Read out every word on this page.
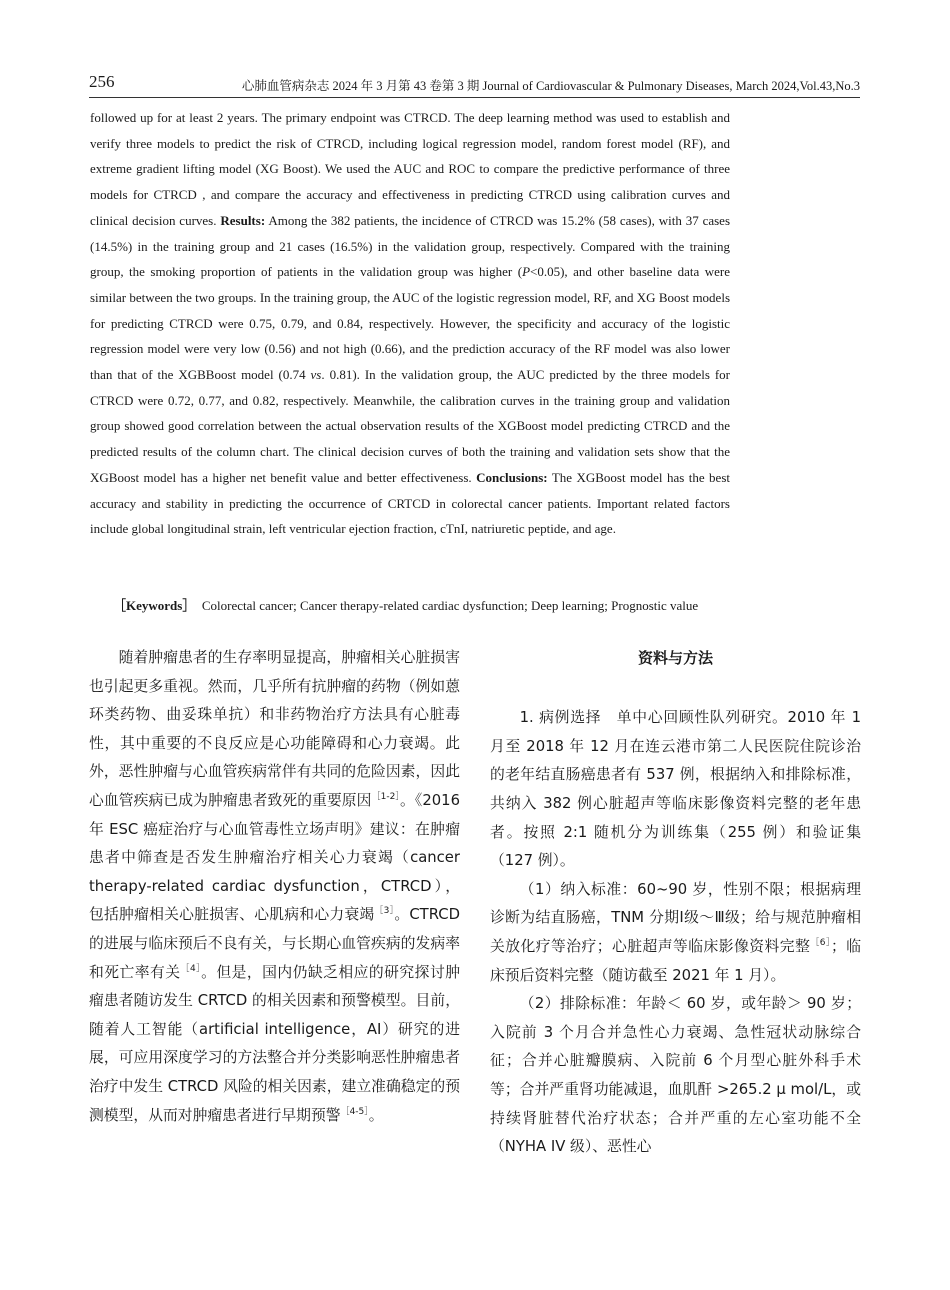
256	心肺血管病杂志 2024 年 3 月第 43 卷第 3 期 Journal of Cardiovascular & Pulmonary Diseases, March 2024,Vol.43,No.3

followed up for at least 2 years. The primary endpoint was CTRCD. The deep learning method was used to establish and verify three models to predict the risk of CTRCD, including logical regression model, random forest model (RF), and extreme gradient lifting model (XG Boost). We used the AUC and ROC to compare the predictive performance of three models for CTRCD , and compare the accuracy and effectiveness in predicting CTRCD using calibration curves and clinical decision curves. Results: Among the 382 patients, the incidence of CTRCD was 15.2% (58 cases), with 37 cases (14.5%) in the training group and 21 cases (16.5%) in the validation group, respectively. Compared with the training group, the smoking proportion of patients in the validation group was higher (P<0.05), and other baseline data were similar between the two groups. In the training group, the AUC of the logistic regression model, RF, and XG Boost models for predicting CTRCD were 0.75, 0.79, and 0.84, respectively. However, the specificity and accuracy of the logistic regression model were very low (0.56) and not high (0.66), and the prediction accuracy of the RF model was also lower than that of the XGBBoost model (0.74 vs. 0.81). In the validation group, the AUC predicted by the three models for CTRCD were 0.72, 0.77, and 0.82, respectively. Meanwhile, the calibration curves in the training group and validation group showed good correlation between the actual observation results of the XGBoost model predicting CTRCD and the predicted results of the column chart. The clinical decision curves of both the training and validation sets show that the XGBoost model has a higher net benefit value and better effectiveness. Conclusions: The XGBoost model has the best accuracy and stability in predicting the occurrence of CRTCD in colorectal cancer patients. Important related factors include global longitudinal strain, left ventricular ejection fraction, cTnI, natriuretic peptide, and age.

［Keywords］ Colorectal cancer; Cancer therapy-related cardiac dysfunction; Deep learning; Prognostic value

随着肿瘤患者的生存率明显提高，肿瘤相关心脏损害也引起更多重视。然而，几乎所有抗肿瘤的药物（例如蒽环类药物、曲妥珠单抗）和非药物治疗方法具有心脏毒性，其中重要的不良反应是心功能障碍和心力衰竭。此外，恶性肿瘤与心血管疾病常伴有共同的危险因素，因此心血管疾病已成为肿瘤患者致死的重要原因$^{[1-2]}$。《2016 年 ESC 癌症治疗与心血管毒性立场声明》建议：在肿瘤患者中筛查是否发生肿瘤治疗相关心力衰竭（cancer therapy-related cardiac dysfunction，CTRCD）， 包括肿瘤相关心脏损害、心肌病和心力衰竭$^{[3]}$。CTRCD 的进展与临床预后不良有关，与长期心血管疾病的发病率和死亡率有关$^{[4]}$。但是，国内仍缺乏相应的研究探讨肿瘤患者随访发生 CRTCD 的相关因素和预警模型。目前，随着人工智能（artificial intelligence，AI）研究的进展，可应用深度学习的方法整合并分类影响恶性肿瘤患者治疗中发生 CTRCD 风险的相关因素，建立准确稳定的预测模型，从而对肿瘤患者进行早期预警$^{[4-5]}$。

资料与方法

1. 病例选择　单中心回顾性队列研究。2010 年 1 月至 2018 年 12 月在连云港市第二人民医院住院诊治的老年结直肠癌患者有 537 例，根据纳入和排除标准，共纳入 382 例心脏超声等临床影像资料完整的老年患者。按照 2:1 随机分为训练集（255 例）和验证集（127 例）。

（1）纳入标准：60~90 岁，性别不限；根据病理诊断为结直肠癌，TNM 分期Ⅰ级～Ⅲ级；给与规范肿瘤相关放化疗等治疗；心脏超声等临床影像资料完整$^{[6]}$；临床预后资料完整（随访截至 2021 年 1 月）。

（2）排除标准：年龄＜ 60 岁，或年龄＞ 90 岁；入院前 3 个月合并急性心力衰竭、急性冠状动脉综合征；合并心脏瓣膜病、入院前 6 个月型心脏外科手术等；合并严重肾功能减退，血肌酐 >265.2 μ mol/L，或持续肾脏替代治疗状态；合并严重的左心室功能不全（NYHA IV 级）、恶性心
